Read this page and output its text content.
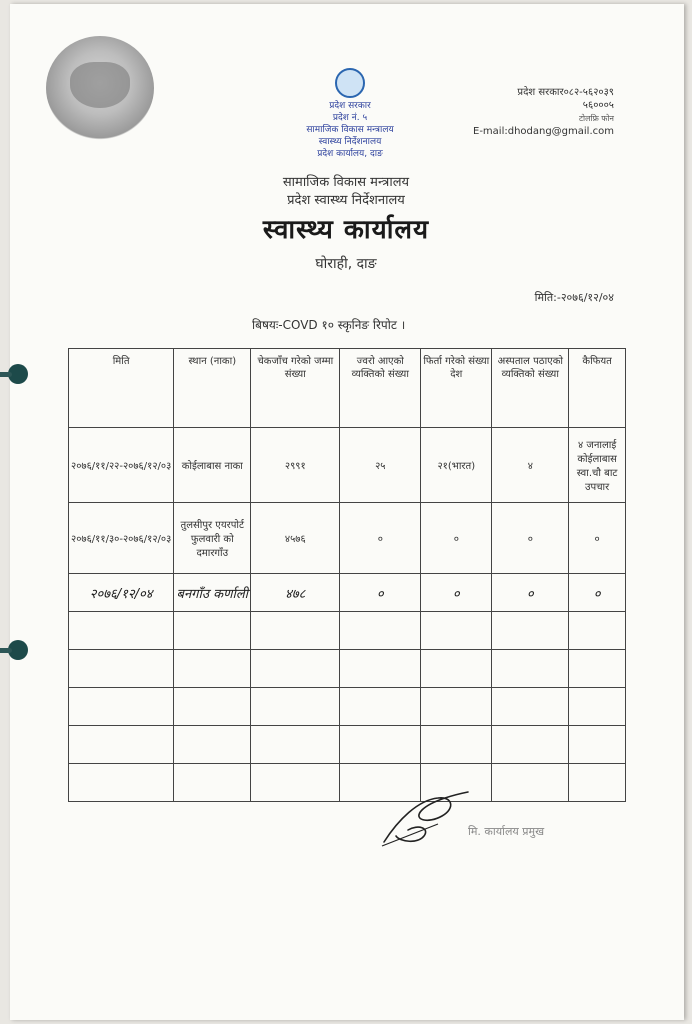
प्रदेश सरकार
प्रदेश नं. ५
सामाजिक विकास मन्त्रालय
स्वास्थ्य निर्देशनालय
प्रदेश कार्यालय, दाङ
प्रदेश सरकार०८२-५६२०३९
५६०००५
टोलफ्रि फोन
E-mail:dhodang@gmail.com
सामाजिक विकास मन्त्रालय
प्रदेश स्वास्थ्य निर्देशनालय
स्वास्थ्य कार्यालय
घोराही, दाङ
मिति:-२०७६/१२/०४
बिषयः-COVD १० स्कृनिङ रिपोट ।
मिति	स्थान (नाका)	चेकजाँच गरेको जम्मा संख्या	ज्वरो आएको व्यक्तिको संख्या	फिर्ता गरेको संख्या देश	अस्पताल पठाएको व्यक्तिको संख्या	कैफियत
२०७६/११/२२-२०७६/१२/०३	कोईलाबास नाका	२९९१	२५	२१(भारत)	४	४ जनालाई कोईलाबास स्वा.चौ बाट उपचार
२०७६/११/३०-२०७६/१२/०३	तुलसीपुर एयरपोर्ट फुलवारी को दमारगाँउ	४५७६	०	०	०	०
२०७६/१२/०४	बनगाँउ कर्णाली	४७८	०	०	०	०

मि. कार्यालय प्रमुख
